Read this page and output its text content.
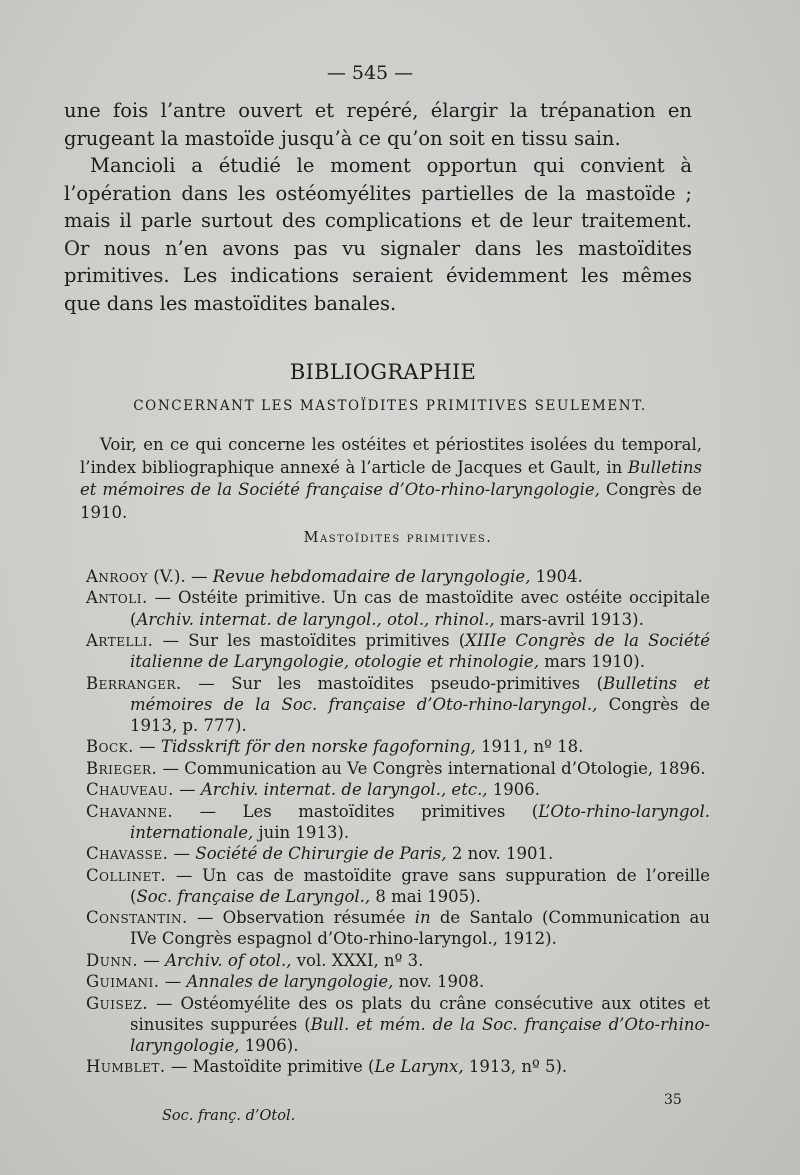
— 545 —

une fois l’antre ouvert et repéré, élargir la trépanation en grugeant la mastoïde jusqu’à ce qu’on soit en tissu sain.

Mancioli a étudié le moment opportun qui convient à l’opération dans les ostéomyélites partielles de la mastoïde ; mais il parle surtout des complications et de leur traitement. Or nous n’en avons pas vu signaler dans les mastoïdites primitives. Les indications seraient évidemment les mêmes que dans les mastoïdites banales.

BIBLIOGRAPHIE
CONCERNANT LES MASTOÏDITES PRIMITIVES SEULEMENT.

Voir, en ce qui concerne les ostéites et périostites isolées du temporal, l’index bibliographique annexé à l’article de Jacques et Gault, in Bulletins et mémoires de la Société française d’Oto-rhino-laryngologie, Congrès de 1910.

Mastoïdites primitives.

Anrooy (V.). — Revue hebdomadaire de laryngologie, 1904.

Antoli. — Ostéite primitive. Un cas de mastoïdite avec ostéite occipitale (Archiv. internat. de laryngol., otol., rhinol., mars-avril 1913).

Artelli. — Sur les mastoïdites primitives (XIIIe Congrès de la Société italienne de Laryngologie, otologie et rhinologie, mars 1910).

Berranger. — Sur les mastoïdites pseudo-primitives (Bulletins et mémoires de la Soc. française d’Oto-rhino-laryngol., Congrès de 1913, p. 777).

Bock. — Tidsskrift för den norske fagoforning, 1911, nº 18.

Brieger. — Communication au Ve Congrès international d’Otologie, 1896.

Chauveau. — Archiv. internat. de laryngol., etc., 1906.

Chavanne. — Les mastoïdites primitives (L’Oto-rhino-laryngol. internationale, juin 1913).

Chavasse. — Société de Chirurgie de Paris, 2 nov. 1901.

Collinet. — Un cas de mastoïdite grave sans suppuration de l’oreille (Soc. française de Laryngol., 8 mai 1905).

Constantin. — Observation résumée in de Santalo (Communication au IVe Congrès espagnol d’Oto-rhino-laryngol., 1912).

Dunn. — Archiv. of otol., vol. XXXI, nº 3.

Guimani. — Annales de laryngologie, nov. 1908.

Guisez. — Ostéomyélite des os plats du crâne consécutive aux otites et sinusites suppurées (Bull. et mém. de la Soc. française d’Oto-rhino-laryngologie, 1906).

Humblet. — Mastoïdite primitive (Le Larynx, 1913, nº 5).

Soc. franç. d’Otol.
35
